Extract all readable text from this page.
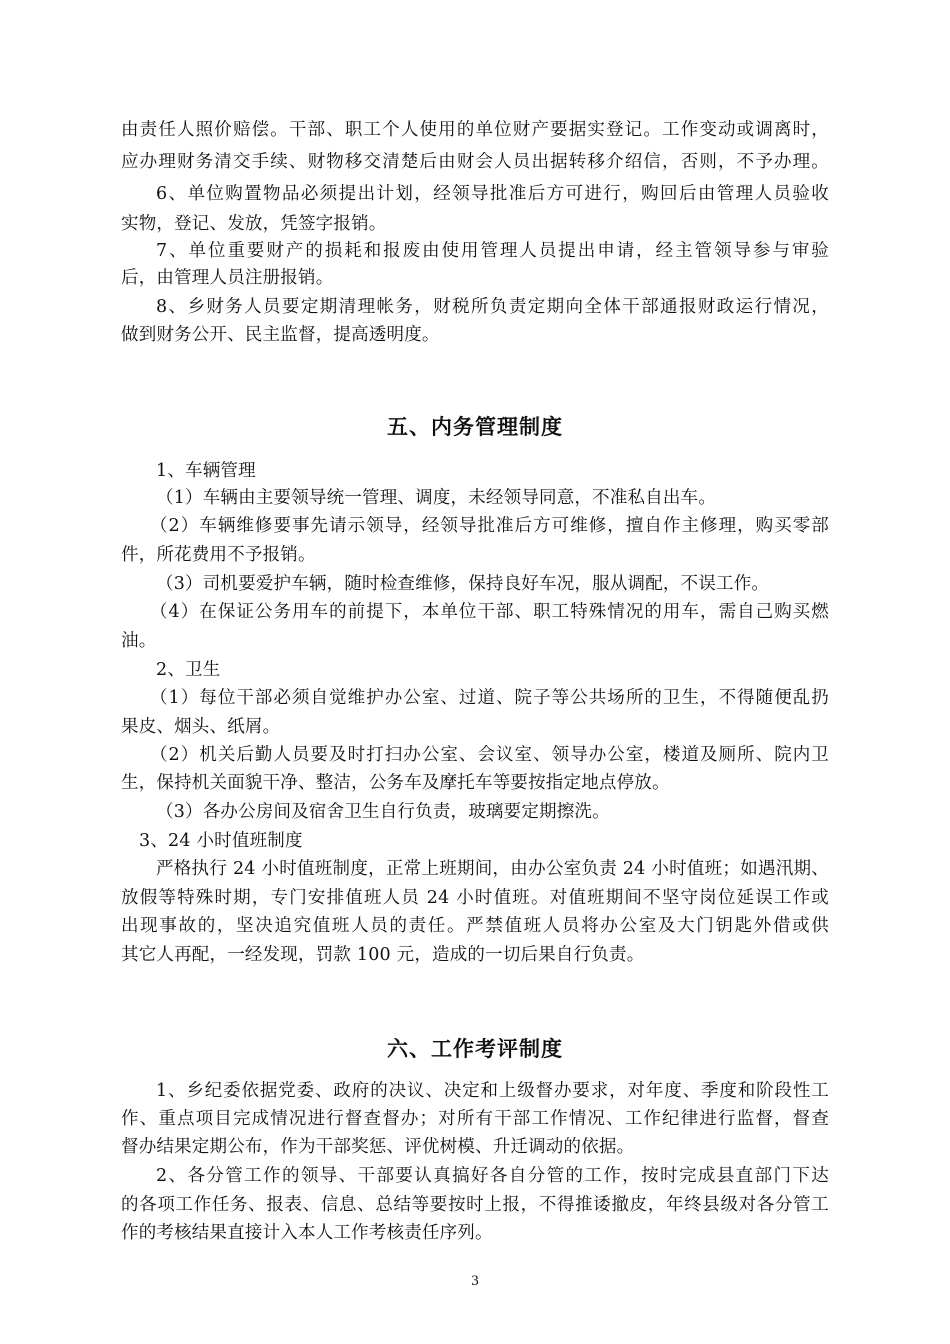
由责任人照价赔偿。干部、职工个人使用的单位财产要据实登记。工作变动或调离时，
应办理财务清交手续、财物移交清楚后由财会人员出据转移介绍信，否则，不予办理。
6、单位购置物品必须提出计划，经领导批准后方可进行，购回后由管理人员验收
实物，登记、发放，凭签字报销。
7、单位重要财产的损耗和报废由使用管理人员提出申请，经主管领导参与审验
后，由管理人员注册报销。
8、乡财务人员要定期清理帐务，财税所负责定期向全体干部通报财政运行情况，
做到财务公开、民主监督，提高透明度。
五、内务管理制度
1、车辆管理
（1）车辆由主要领导统一管理、调度，未经领导同意，不准私自出车。
（2）车辆维修要事先请示领导，经领导批准后方可维修，擅自作主修理，购买零部
件，所花费用不予报销。
（3）司机要爱护车辆，随时检查维修，保持良好车况，服从调配，不误工作。
（4）在保证公务用车的前提下，本单位干部、职工特殊情况的用车，需自己购买燃
油。
2、卫生
（1）每位干部必须自觉维护办公室、过道、院子等公共场所的卫生，不得随便乱扔
果皮、烟头、纸屑。
（2）机关后勤人员要及时打扫办公室、会议室、领导办公室，楼道及厕所、院内卫
生，保持机关面貌干净、整洁，公务车及摩托车等要按指定地点停放。
（3）各办公房间及宿舍卫生自行负责，玻璃要定期擦洗。
3、24 小时值班制度
严格执行 24 小时值班制度，正常上班期间，由办公室负责 24 小时值班；如遇汛期、
放假等特殊时期，专门安排值班人员 24 小时值班。对值班期间不坚守岗位延误工作或
出现事故的，坚决追究值班人员的责任。严禁值班人员将办公室及大门钥匙外借或供
其它人再配，一经发现，罚款 100 元，造成的一切后果自行负责。
六、工作考评制度
1、乡纪委依据党委、政府的决议、决定和上级督办要求，对年度、季度和阶段性工
作、重点项目完成情况进行督查督办；对所有干部工作情况、工作纪律进行监督，督查
督办结果定期公布，作为干部奖惩、评优树模、升迁调动的依据。
2、各分管工作的领导、干部要认真搞好各自分管的工作，按时完成县直部门下达
的各项工作任务、报表、信息、总结等要按时上报，不得推诿撤皮，年终县级对各分管工
作的考核结果直接计入本人工作考核责任序列。
3
